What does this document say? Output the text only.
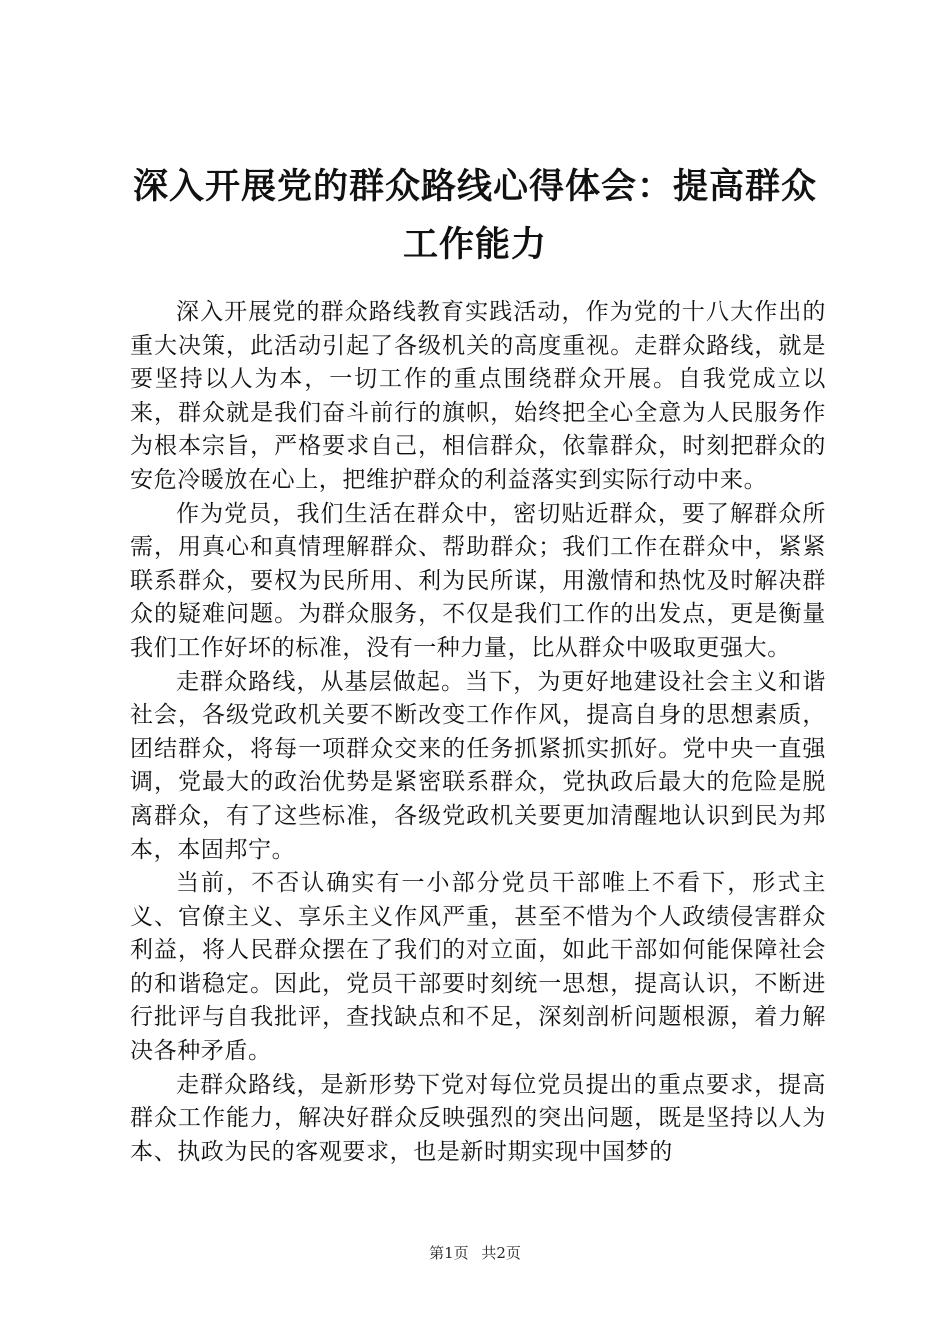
深入开展党的群众路线心得体会：提高群众工作能力

深入开展党的群众路线教育实践活动，作为党的十八大作出的重大决策，此活动引起了各级机关的高度重视。走群众路线，就是要坚持以人为本，一切工作的重点围绕群众开展。自我党成立以来，群众就是我们奋斗前行的旗帜，始终把全心全意为人民服务作为根本宗旨，严格要求自己，相信群众，依靠群众，时刻把群众的安危冷暖放在心上，把维护群众的利益落实到实际行动中来。

作为党员，我们生活在群众中，密切贴近群众，要了解群众所需，用真心和真情理解群众、帮助群众；我们工作在群众中，紧紧联系群众，要权为民所用、利为民所谋，用激情和热忱及时解决群众的疑难问题。为群众服务，不仅是我们工作的出发点，更是衡量我们工作好坏的标准，没有一种力量，比从群众中吸取更强大。

走群众路线，从基层做起。当下，为更好地建设社会主义和谐社会，各级党政机关要不断改变工作作风，提高自身的思想素质，团结群众，将每一项群众交来的任务抓紧抓实抓好。党中央一直强调，党最大的政治优势是紧密联系群众，党执政后最大的危险是脱离群众，有了这些标准，各级党政机关要更加清醒地认识到民为邦本，本固邦宁。

当前，不否认确实有一小部分党员干部唯上不看下，形式主义、官僚主义、享乐主义作风严重，甚至不惜为个人政绩侵害群众利益，将人民群众摆在了我们的对立面，如此干部如何能保障社会的和谐稳定。因此，党员干部要时刻统一思想，提高认识，不断进行批评与自我批评，查找缺点和不足，深刻剖析问题根源，着力解决各种矛盾。

走群众路线，是新形势下党对每位党员提出的重点要求，提高群众工作能力，解决好群众反映强烈的突出问题，既是坚持以人为本、执政为民的客观要求，也是新时期实现中国梦的

第1页 共2页
